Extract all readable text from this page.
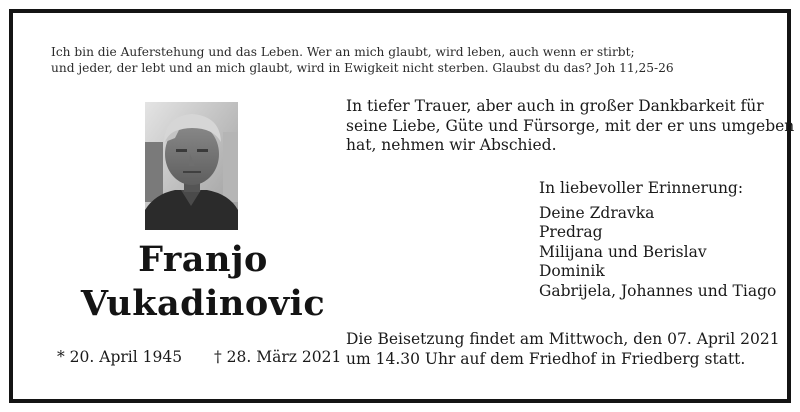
Ich bin die Auferstehung und das Leben. Wer an mich glaubt, wird leben, auch wenn er stirbt;
und jeder, der lebt und an mich glaubt, wird in Ewigkeit nicht sterben. Glaubst du das? Joh 11,25-26
Franjo
Vukadinovic
* 20. April 1945 † 28. März 2021
In tiefer Trauer, aber auch in großer Dankbarkeit für
seine Liebe, Güte und Fürsorge, mit der er uns umgeben
hat, nehmen wir Abschied.
In liebevoller Erinnerung:
Deine Zdravka
Predrag
Milijana und Berislav
Dominik
Gabrijela, Johannes und Tiago
Die Beisetzung findet am Mittwoch, den 07. April 2021
um 14.30 Uhr auf dem Friedhof in Friedberg statt.
